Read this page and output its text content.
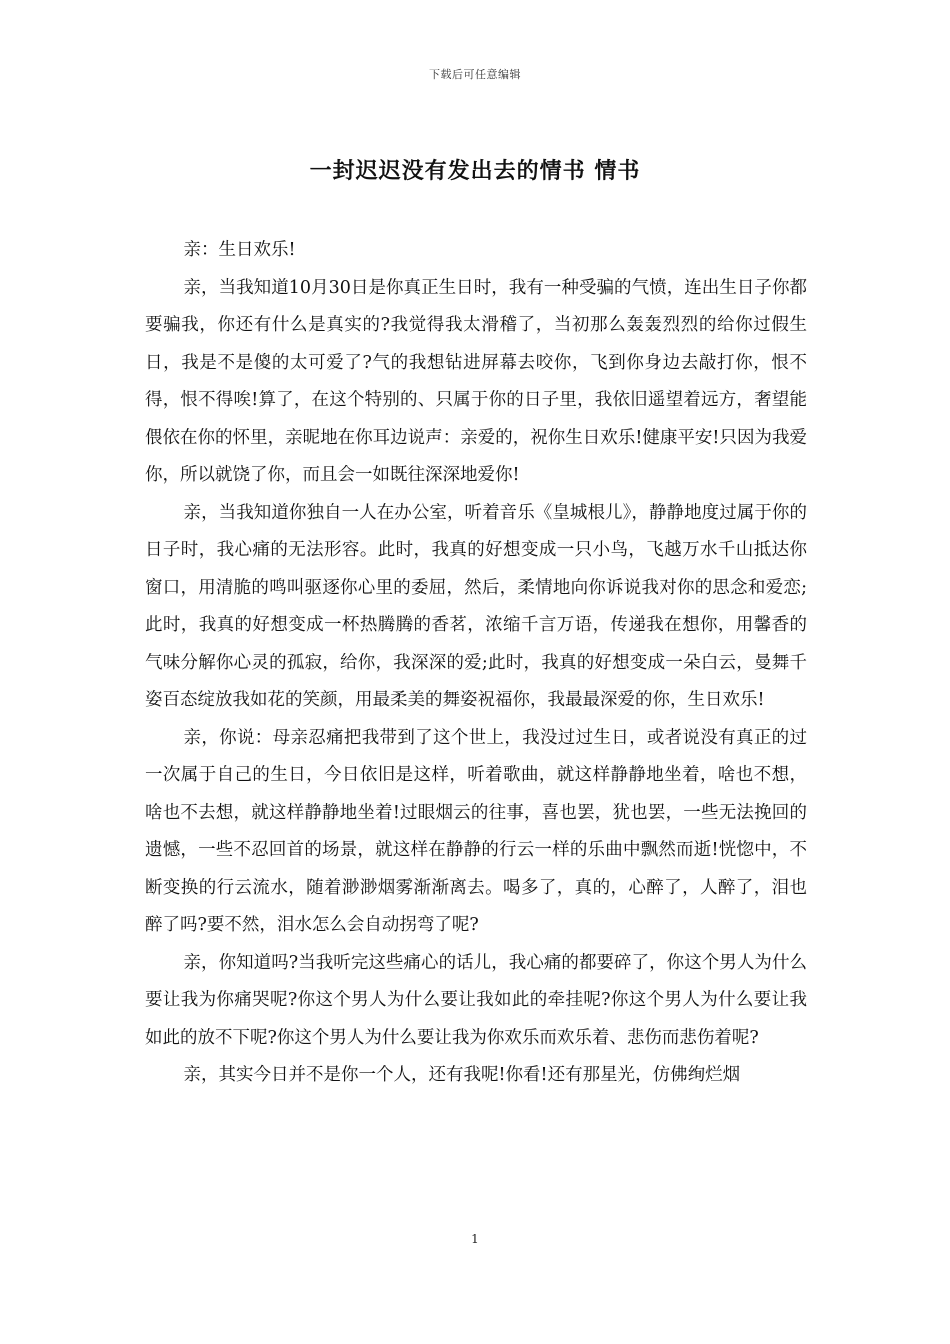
下载后可任意编辑
一封迟迟没有发出去的情书 情书

亲：生日欢乐!

亲，当我知道10月30日是你真正生日时，我有一种受骗的气愤，连出生日子你都要骗我，你还有什么是真实的?我觉得我太滑稽了，当初那么轰轰烈烈的给你过假生日，我是不是傻的太可爱了?气的我想钻进屏幕去咬你，飞到你身边去敲打你，恨不得，恨不得唉!算了，在这个特别的、只属于你的日子里，我依旧遥望着远方，奢望能偎依在你的怀里，亲昵地在你耳边说声：亲爱的，祝你生日欢乐!健康平安!只因为我爱你，所以就饶了你，而且会一如既往深深地爱你!

亲，当我知道你独自一人在办公室，听着音乐《皇城根儿》，静静地度过属于你的日子时，我心痛的无法形容。此时，我真的好想变成一只小鸟，飞越万水千山抵达你窗口，用清脆的鸣叫驱逐你心里的委屈，然后，柔情地向你诉说我对你的思念和爱恋;此时，我真的好想变成一杯热腾腾的香茗，浓缩千言万语，传递我在想你，用馨香的气味分解你心灵的孤寂，给你，我深深的爱;此时，我真的好想变成一朵白云，曼舞千姿百态绽放我如花的笑颜，用最柔美的舞姿祝福你，我最最深爱的你，生日欢乐!

亲，你说：母亲忍痛把我带到了这个世上，我没过过生日，或者说没有真正的过一次属于自己的生日，今日依旧是这样，听着歌曲，就这样静静地坐着，啥也不想，啥也不去想，就这样静静地坐着!过眼烟云的往事，喜也罢，犹也罢，一些无法挽回的遗憾，一些不忍回首的场景，就这样在静静的行云一样的乐曲中飘然而逝!恍惚中，不断变换的行云流水，随着渺渺烟雾渐渐离去。喝多了，真的，心醉了，人醉了，泪也醉了吗?要不然，泪水怎么会自动拐弯了呢?

亲，你知道吗?当我听完这些痛心的话儿，我心痛的都要碎了，你这个男人为什么要让我为你痛哭呢?你这个男人为什么要让我如此的牵挂呢?你这个男人为什么要让我如此的放不下呢?你这个男人为什么要让我为你欢乐而欢乐着、悲伤而悲伤着呢?

亲，其实今日并不是你一个人，还有我呢!你看!还有那星光，仿佛绚烂烟

1
